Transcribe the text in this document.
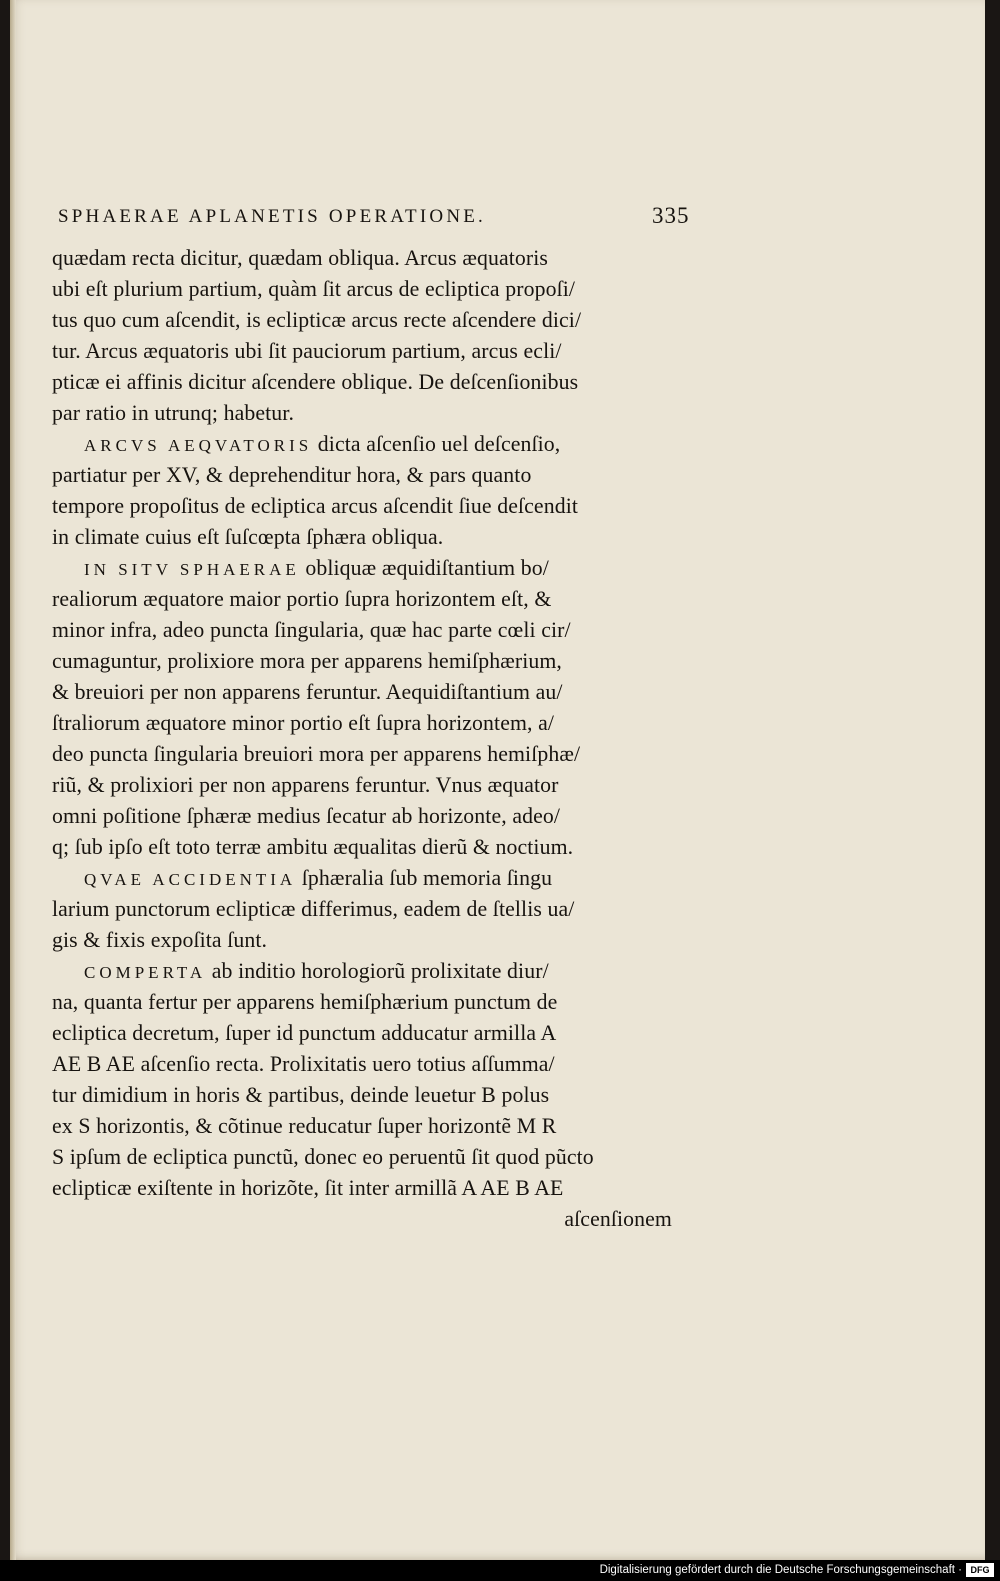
SPHAERAE APLANETIS OPERATIONE.	335
quædam recta dicitur, quædam obliqua. Arcus æquatoris
ubi eſt plurium partium, quàm ſit arcus de ecliptica propoſi/
tus quo cum aſcendit, is eclipticæ arcus recte aſcendere dici/
tur. Arcus æquatoris ubi ſit pauciorum partium, arcus ecli/
pticæ ei affinis dicitur aſcendere oblique. De deſcenſionibus
par ratio in utrunq; habetur.
ARCVS AEQVATORIS dicta aſcenſio uel deſcenſio,
partiatur per XV, & deprehenditur hora, & pars quanto
tempore propoſitus de ecliptica arcus aſcendit ſiue deſcendit
in climate cuius eſt ſuſcœpta ſphæra obliqua.
IN SITV SPHAERAE obliquæ æquidiſtantium bo/
realiorum æquatore maior portio ſupra horizontem eſt, &
minor infra, adeo puncta ſingularia, quæ hac parte cœli cir/
cumaguntur, prolixiore mora per apparens hemiſphærium,
& breuiori per non apparens feruntur. Aequidiſtantium au/
ſtraliorum æquatore minor portio eſt ſupra horizontem, a/
deo puncta ſingularia breuiori mora per apparens hemiſphæ/
riũ, & prolixiori per non apparens feruntur. Vnus æquator
omni poſitione ſphæræ medius ſecatur ab horizonte, adeo/
q; ſub ipſo eſt toto terræ ambitu æqualitas dierũ & noctium.
QVAE ACCIDENTIA ſphæralia ſub memoria ſingu
larium punctorum eclipticæ differimus, eadem de ſtellis ua/
gis & fixis expoſita ſunt.
COMPERTA ab inditio horologiorũ prolixitate diur/
na, quanta fertur per apparens hemiſphærium punctum de
ecliptica decretum, ſuper id punctum adducatur armilla A
AE B AE aſcenſio recta. Prolixitatis uero totius aſſumma/
tur dimidium in horis & partibus, deinde leuetur B polus
ex S horizontis, & cõtinue reducatur ſuper horizontẽ M R
S ipſum de ecliptica punctũ, donec eo peruentũ ſit quod pũcto
eclipticæ exiſtente in horizõte, ſit inter armillã A AE B AE
aſcenſionem
Digitalisierung gefördert durch die Deutsche Forschungsgemeinschaft · DFG
